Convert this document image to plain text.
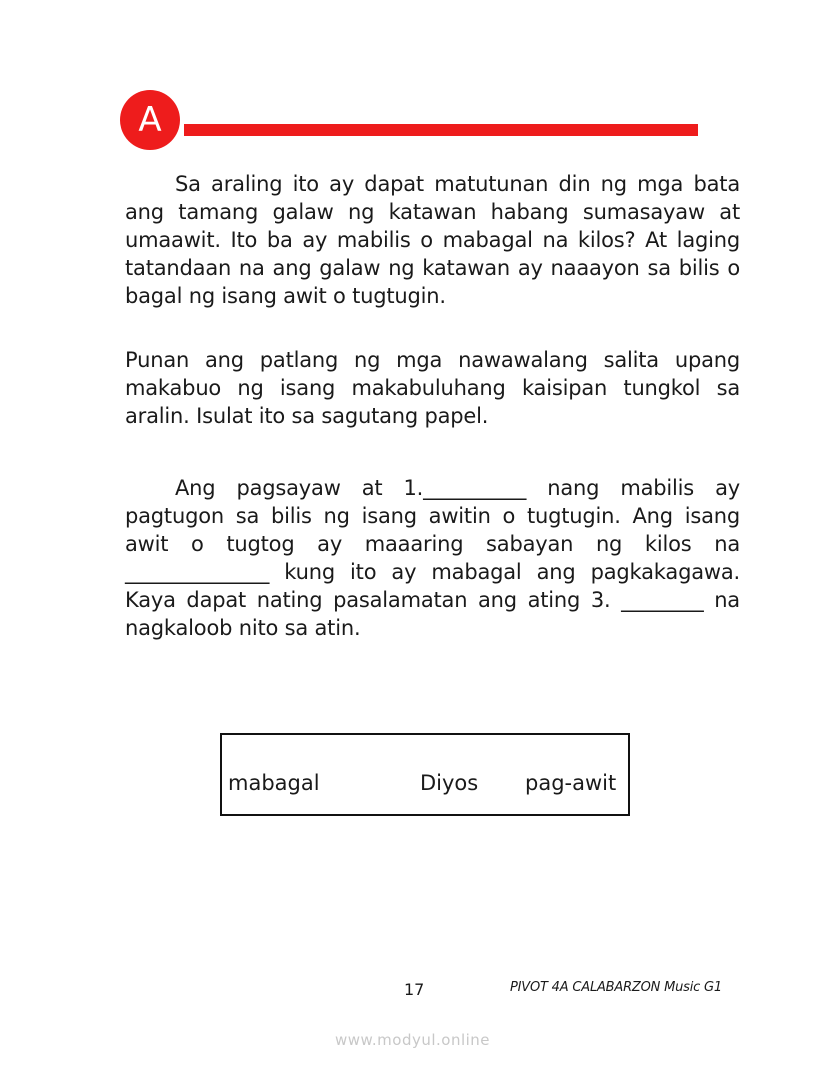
A

Sa araling ito ay dapat matutunan din ng mga bata ang tamang galaw ng katawan habang sumasayaw at umaawit. Ito ba ay mabilis o mabagal na kilos? At laging tatandaan na ang galaw ng katawan ay naaayon sa bilis o bagal ng isang awit o tugtugin.

Punan ang patlang ng mga nawawalang salita upang makabuo ng isang makabuluhang kaisipan tungkol sa aralin. Isulat ito sa sagutang papel.

Ang pagsayaw at 1.__________ nang mabilis ay pagtugon sa bilis ng isang awitin o tugtugin. Ang isang awit o tugtog ay maaaring sabayan ng kilos na ______________ kung ito ay mabagal ang pagkakagawa. Kaya dapat nating pasalamatan ang ating 3. ________ na nagkaloob nito sa atin.

mabagal	Diyos pag-awit
17	PIVOT 4A CALABARZON Music G1
www.modyul.online
